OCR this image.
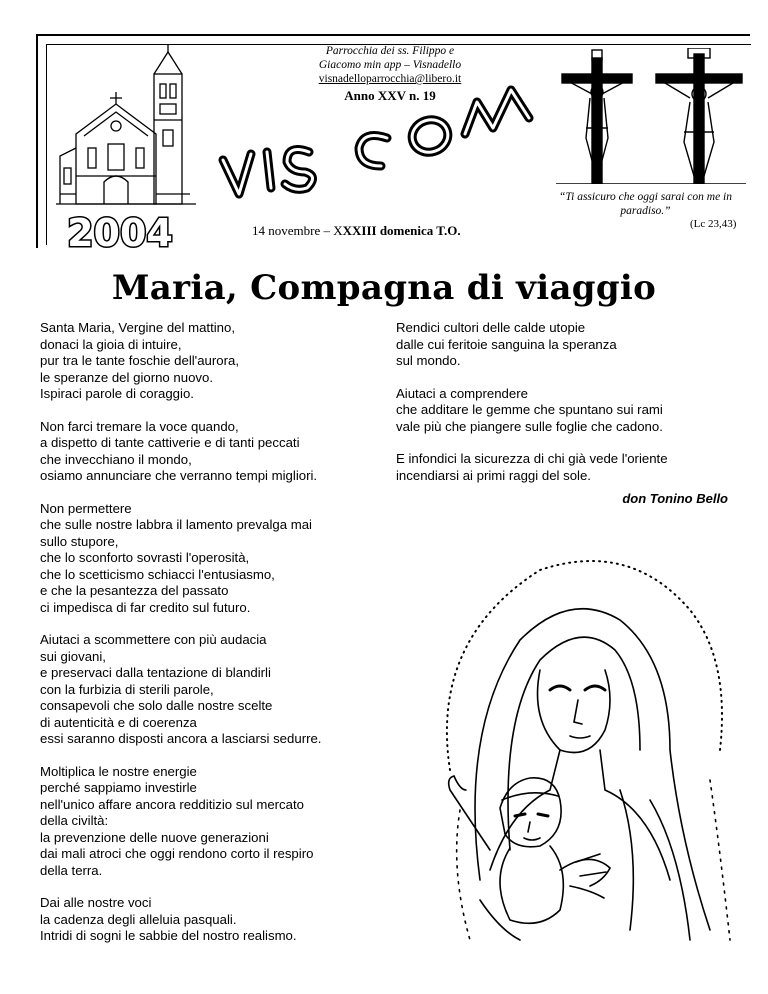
2004
Parrocchia dei ss. Filippo e
Giacomo min app – Visnadello
visnadelloparrocchia@libero.it
Anno XXV n. 19
“Ti assicuro che oggi sarai con me in paradiso.”
(Lc 23,43)
14 novembre – XXXIII domenica T.O.
Maria, Compagna di viaggio

Santa Maria, Vergine del mattino,
donaci la gioia di intuire,
pur tra le tante foschie dell'aurora,
le speranze del giorno nuovo.
Ispiraci parole di coraggio.

Non farci tremare la voce quando,
a dispetto di tante cattiverie e di tanti peccati
che invecchiano il mondo,
osiamo annunciare che verranno tempi migliori.

Non permettere
che sulle nostre labbra il lamento prevalga mai
sullo stupore,
che lo sconforto sovrasti l'operosità,
che lo scetticismo schiacci l'entusiasmo,
e che la pesantezza del passato
ci impedisca di far credito sul futuro.

Aiutaci a scommettere con più audacia
sui giovani,
e preservaci dalla tentazione di blandirli
con la furbizia di sterili parole,
consapevoli che solo dalle nostre scelte
di autenticità e di coerenza
essi saranno disposti ancora a lasciarsi sedurre.

Moltiplica le nostre energie
perché sappiamo investirle
nell'unico affare ancora redditizio sul mercato
della civiltà:
la prevenzione delle nuove generazioni
dai mali atroci che oggi rendono corto il respiro
della terra.

Dai alle nostre voci
la cadenza degli alleluia pasquali.
Intridi di sogni le sabbie del nostro realismo.

Rendici cultori delle calde utopie
dalle cui feritoie sanguina la speranza
sul mondo.

Aiutaci a comprendere
che additare le gemme che spuntano sui rami
vale più che piangere sulle foglie che cadono.

E infondici la sicurezza di chi già vede l'oriente
incendiarsi ai primi raggi del sole.

don Tonino Bello
